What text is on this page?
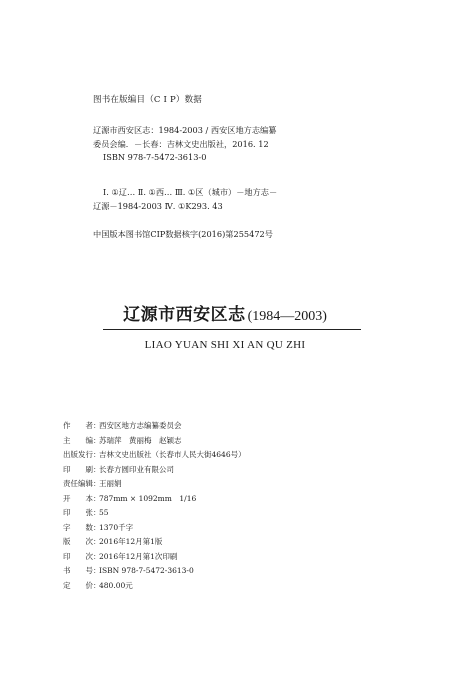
图书在版编目（C I P）数据
辽源市西安区志：1984-2003 / 西安区地方志编纂
委员会编．－长春：吉林文史出版社，2016. 12
ISBN 978-7-5472-3613-0
Ⅰ. ①辽… Ⅱ. ①西… Ⅲ. ①区（城市）－地方志－
辽源－1984-2003 Ⅳ. ①K293. 43
中国版本图书馆CIP数据核字(2016)第255472号
辽源市西安区志 (1984—2003)
LIAO YUAN SHI XI AN QU ZHI
作　　者：西安区地方志编纂委员会
主　　编：苏瑞萍　黄丽梅　赵颖志
出版发行：吉林文史出版社（长春市人民大街4646号）
印　　刷：长春方圆印业有限公司
责任编辑：王丽娟
开　　本：787mm × 1092mm　1/16
印　　张：55
字　　数：1370千字
版　　次：2016年12月第1版
印　　次：2016年12月第1次印刷
书　　号：ISBN 978-7-5472-3613-0
定　　价：480.00元
